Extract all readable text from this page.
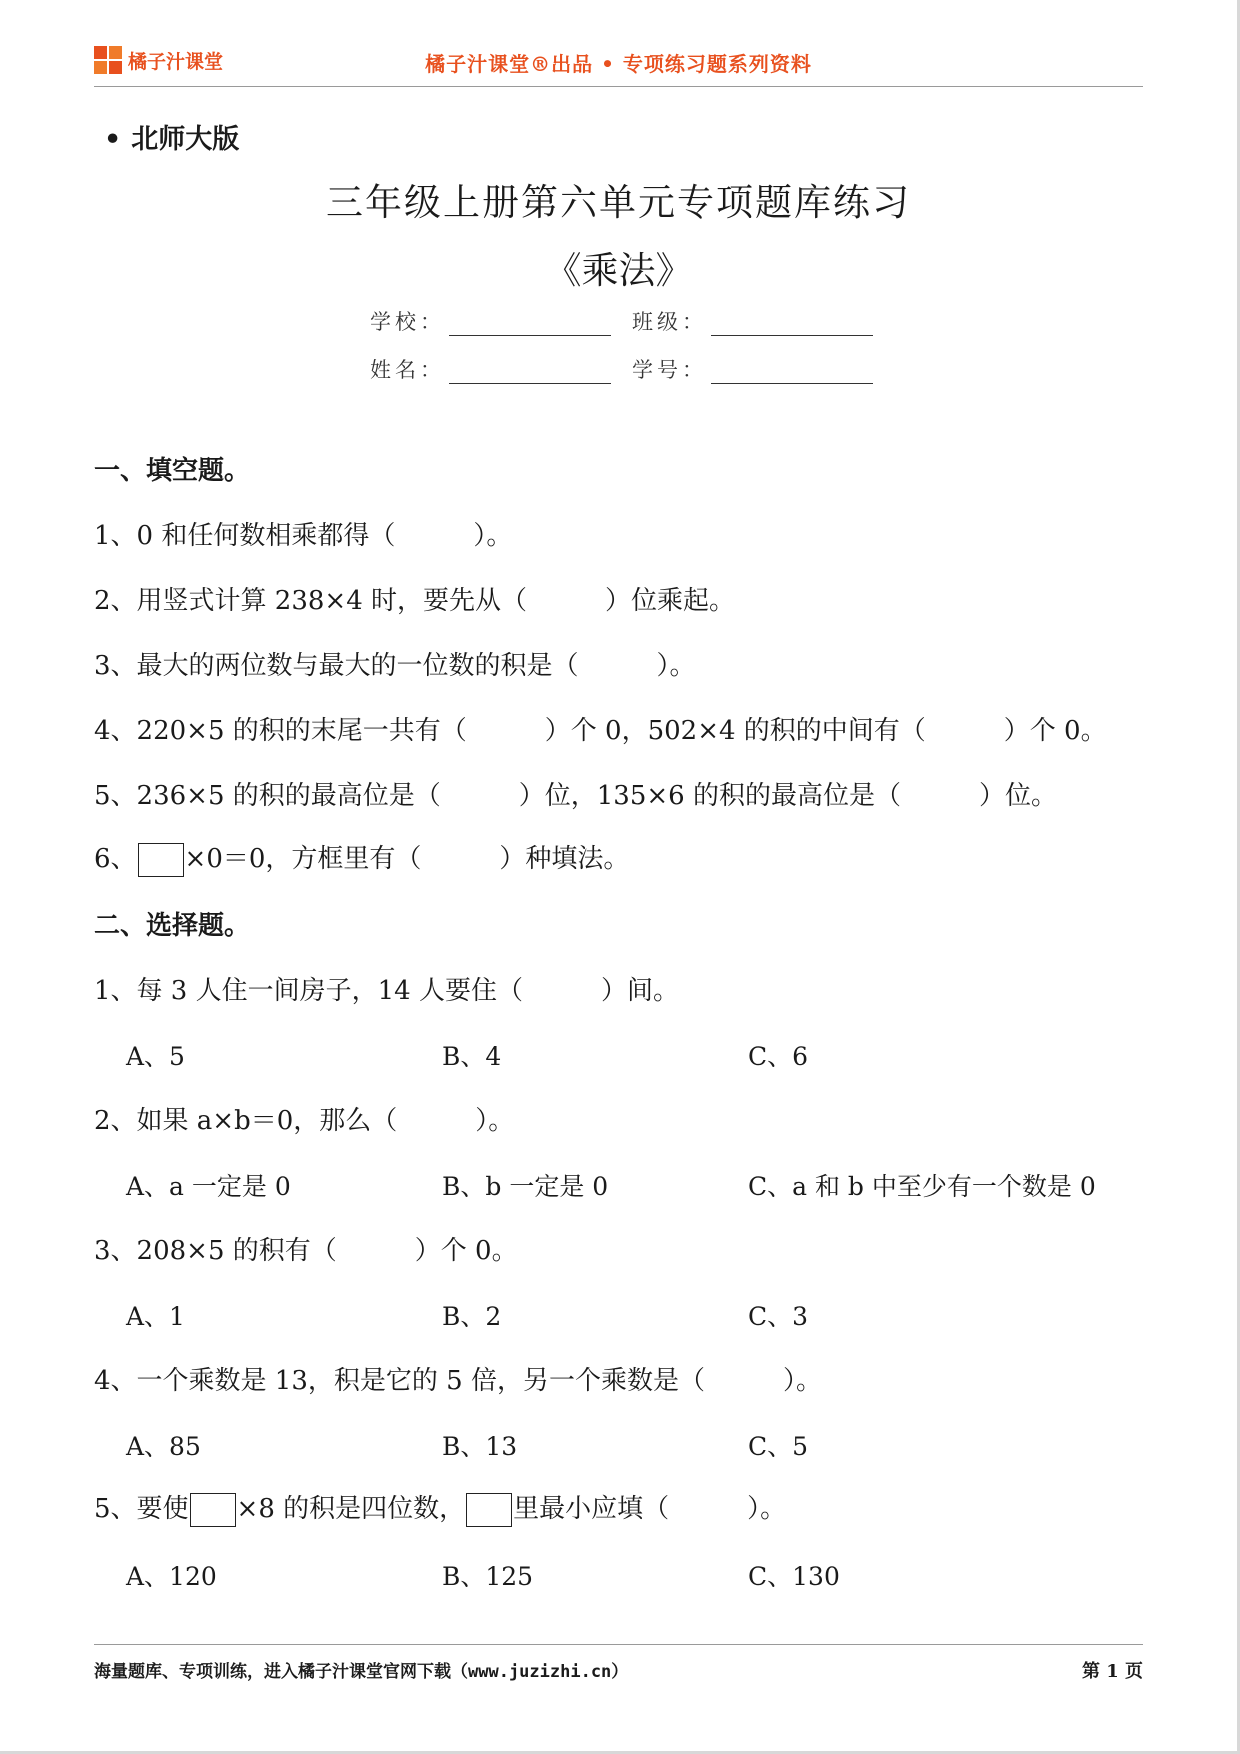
橘子汁课堂	橘子汁课堂®出品 • 专项练习题系列资料
• 北师大版
三年级上册第六单元专项题库练习
《乘法》
学校：	班级：
姓名：	学号：
一、填空题。
1、0 和任何数相乘都得（　　　）。
2、用竖式计算 238×4 时，要先从（　　　）位乘起。
3、最大的两位数与最大的一位数的积是（　　　）。
4、220×5 的积的末尾一共有（　　　）个 0，502×4 的积的中间有（　　　）个 0。
5、236×5 的积的最高位是（　　　）位，135×6 的积的最高位是（　　　）位。
6、 ×0＝0，方框里有（　　　）种填法。
二、选择题。
1、每 3 人住一间房子，14 人要住（　　　）间。
A、5	B、4	C、6
2、如果 a×b＝0，那么（　　　）。
A、a 一定是 0	B、b 一定是 0	C、a 和 b 中至少有一个数是 0
3、208×5 的积有（　　　）个 0。
A、1	B、2	C、3
4、一个乘数是 13，积是它的 5 倍，另一个乘数是（　　　）。
A、85	B、13	C、5
5、要使 ×8 的积是四位数， 里最小应填（　　　）。
A、120	B、125	C、130
海量题库、专项训练，进入橘子汁课堂官网下载（www.juzizhi.cn）	第 1 页
